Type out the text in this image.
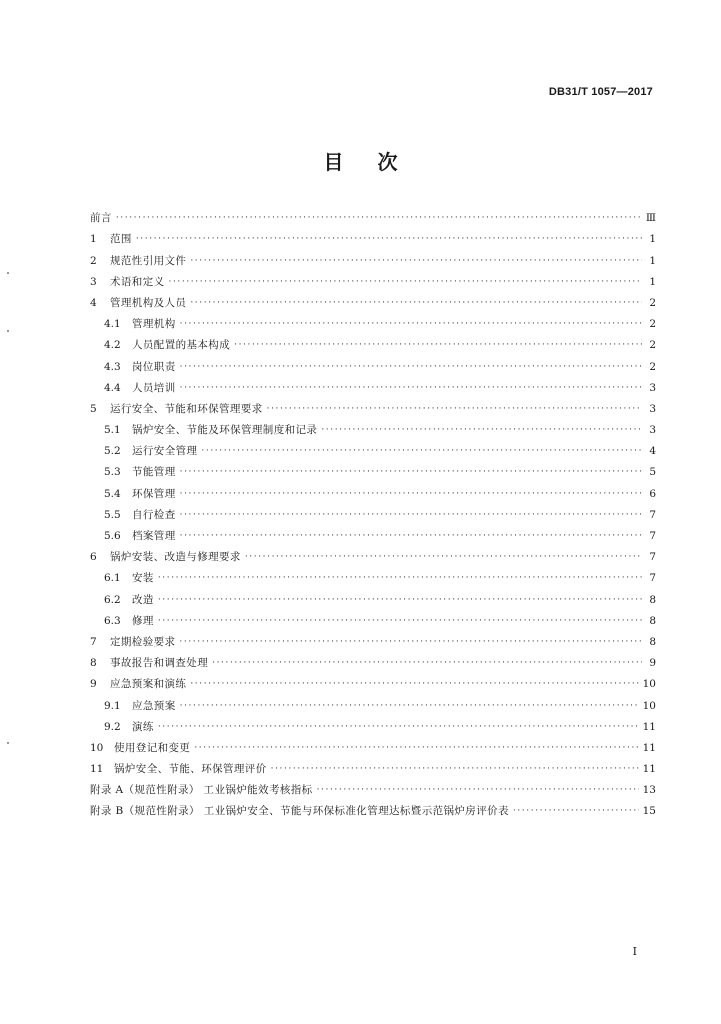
DB31/T 1057—2017
目次
前言 ·····	Ⅲ
1	范围 ·····	1
2	规范性引用文件 ·····	1
3	术语和定义 ·····	1
4	管理机构及人员 ·····	2
4.1	管理机构 ·····	2
4.2	人员配置的基本构成 ·····	2
4.3	岗位职责 ·····	2
4.4	人员培训 ·····	3
5	运行安全、节能和环保管理要求 ·····	3
5.1	锅炉安全、节能及环保管理制度和记录 ·····	3
5.2	运行安全管理 ·····	4
5.3	节能管理 ·····	5
5.4	环保管理 ·····	6
5.5	自行检查 ·····	7
5.6	档案管理 ·····	7
6	锅炉安装、改造与修理要求 ·····	7
6.1	安装 ·····	7
6.2	改造 ·····	8
6.3	修理 ·····	8
7	定期检验要求 ·····	8
8	事故报告和调查处理 ·····	9
9	应急预案和演练 ·····	10
9.1	应急预案 ·····	10
9.2	演练 ·····	11
10	使用登记和变更 ·····	11
11	锅炉安全、节能、环保管理评价 ·····	11
附录 A（规范性附录） 工业锅炉能效考核指标 ·····	13
附录 B（规范性附录） 工业锅炉安全、节能与环保标准化管理达标暨示范锅炉房评价表 ·····	15
I
